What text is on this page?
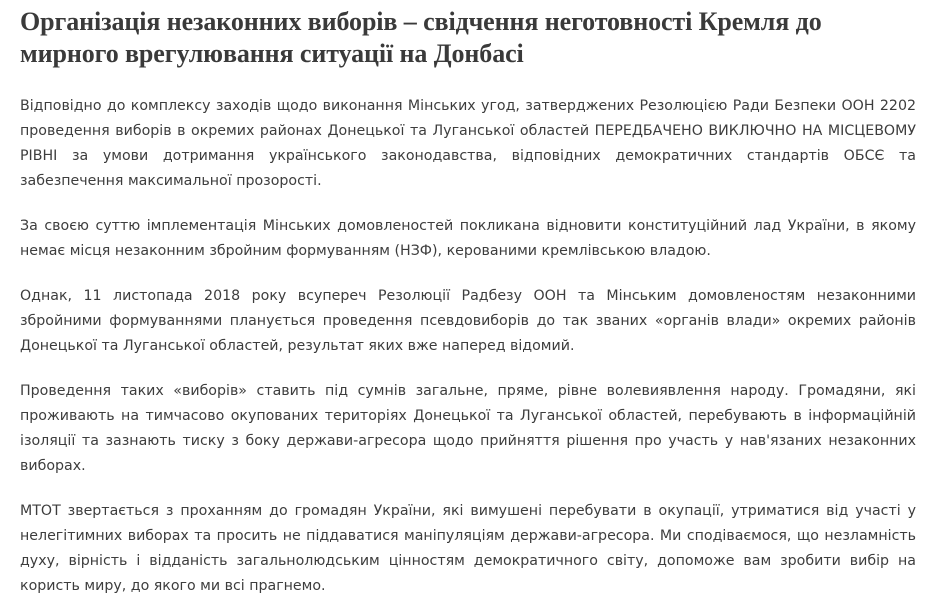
Організація незаконних виборів – свідчення неготовності Кремля до мирного врегулювання ситуації на Донбасі

Відповідно до комплексу заходів щодо виконання Мінських угод, затверджених Резолюцією Ради Безпеки ООН 2202 проведення виборів в окремих районах Донецької та Луганської областей ПЕРЕДБАЧЕНО ВИКЛЮЧНО НА МІСЦЕВОМУ РІВНІ за умови дотримання українського законодавства, відповідних демократичних стандартів ОБСЄ та забезпечення максимальної прозорості.

За своєю суттю імплементація Мінських домовленостей покликана відновити конституційний лад України, в якому немає місця незаконним збройним формуванням (НЗФ), керованими кремлівською владою.

Однак, 11 листопада 2018 року всупереч Резолюції Радбезу ООН та Мінським домовленостям незаконними збройними формуваннями планується проведення псевдовиборів до так званих «органів влади» окремих районів Донецької та Луганської областей, результат яких вже наперед відомий.

Проведення таких «виборів» ставить під сумнів загальне, пряме, рівне волевиявлення народу. Громадяни, які проживають на тимчасово окупованих територіях Донецької та Луганської областей, перебувають в інформаційній ізоляції та зазнають тиску з боку держави-агресора щодо прийняття рішення про участь у нав'язаних незаконних виборах.

МТОТ звертається з проханням до громадян України, які вимушені перебувати в окупації, утриматися від участі у нелегітимних виборах та просить не піддаватися маніпуляціям держави-агресора. Ми сподіваємося, що незламність духу, вірність і відданість загальнолюдським цінностям демократичного світу, допоможе вам зробити вибір на користь миру, до якого ми всі прагнемо.
